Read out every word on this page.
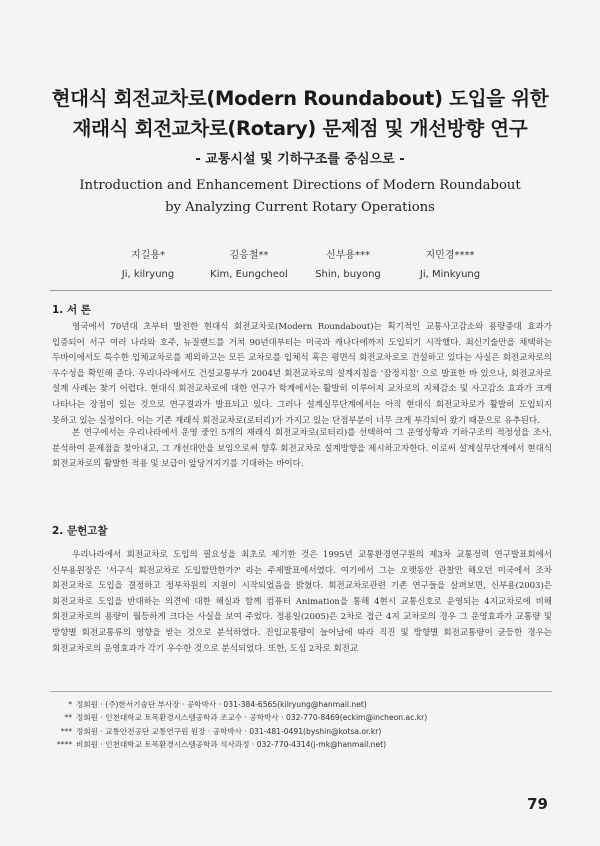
현대식 회전교차로(Modern Roundabout) 도입을 위한
재래식 회전교차로(Rotary) 문제점 및 개선방향 연구
- 교통시설 및 기하구조를 중심으로 -
Introduction and Enhancement Directions of Modern Roundabout
by Analyzing Current Rotary Operations
지길용*
Ji, kilryung
김응철**
Kim, Eungcheol
신부용***
Shin, buyong
지민경****
Ji, Minkyung
1. 서 론

영국에서 70년대 초부터 발전한 현대식 회전교차로(Modern Roundabout)는 획기적인 교통사고감소와 용량증대 효과가 입증되어 서구 여러 나라와 호주, 뉴질랜드를 거쳐 90년대부터는 미국과 캐나다에까지 도입되기 시작했다. 최신기술만을 채택하는 두바이에서도 특수한 입체교차로를 제외하고는 모든 교차로를 입체식 혹은 평면식 회전교차로로 건설하고 있다는 사실은 회전교차로의 우수성을 확인해 준다. 우리나라에서도 건설교통부가 2004년 회전교차로의 설계지침을 '잠정지침' 으로 발표한 바 있으나, 회전교차로 설계 사례는 찾기 어렵다. 현대식 회전교차로에 대한 연구가 학계에서는 활발히 이루어져 교차로의 지체감소 및 사고감소 효과가 크게 나타나는 장점이 있는 것으로 연구결과가 발표되고 있다. 그러나 설계실무단계에서는 아직 현대식 회전교차로가 활발히 도입되지 못하고 있는 실정이다. 이는 기존 재래식 회전교차로(로터리)가 가지고 있는 단점부분이 너무 크게 부각되어 왔기 때문으로 유추된다.

본 연구에서는 우리나라에서 운영 중인 5개의 재래식 회전교차로(로터리)를 선택하여 그 운영상황과 기하구조의 적정성을 조사, 분석하여 문제점을 찾아내고, 그 개선대안을 보임으로써 향후 회전교차로 설계방향을 제시하고자한다. 이로써 설계실무단계에서 현대식 회전교차로의 활발한 적용 및 보급이 앞당겨지기를 기대하는 바이다.

2. 문헌고찰

우리나라에서 회전교차로 도입의 필요성을 최초로 제기한 것은 1995년 교통환경연구원의 제3차 교통정력 연구발표회에서 신부용원장은 '서구식 회전교차로 도입할만한가?' 라는 주제발표에서였다. 여기에서 그는 오랫동안 관찰만 해오던 미국에서 조차 회전교차로 도입을 결정하고 정부차원의 지원이 시작되었음을 밝혔다. 회전교차로관련 기존 연구들을 살펴보면, 신부용(2003)은 회전교차로 도입을 반대하는 의견에 대한 해실과 함께 컴퓨터 Animation을 통해 4현시 교통신호로 운영되는 4지교차로에 비해 회전교차로의 용량이 월등하게 크다는 사실을 보여 주었다. 정용일(2005)은 2차로 접근 4지 교차로의 경우 그 운영효과가 교통량 및 방향별 회전교통류의 영향을 받는 것으로 분석하였다. 진입교통량이 늘어남에 따라 직진 및 방향별 회전교통량이 균등한 경우는 회전교차로의 운영효과가 각기 우수한 것으로 분석되었다. 또한, 도심 2차로 회전교

* 정회원 · (주)한서기술단 부사장 · 공학박사 · 031-384-6565(kilryung@hanmail.net)
** 정회원 · 인천대학교 토목환경시스템공학과 조교수 · 공학박사 · 032-770-8469(eckim@incheon.ac.kr)
*** 정회원 · 교통안전공단 교통연구원 원장 · 공학박사 · 031-481-0491(byshin@kotsa.or.kr)
**** 비회원 · 인천대학교 토목환경시스템공학과 석사과정 · 032-770-4314(j-mk@hanmail.net)
79
